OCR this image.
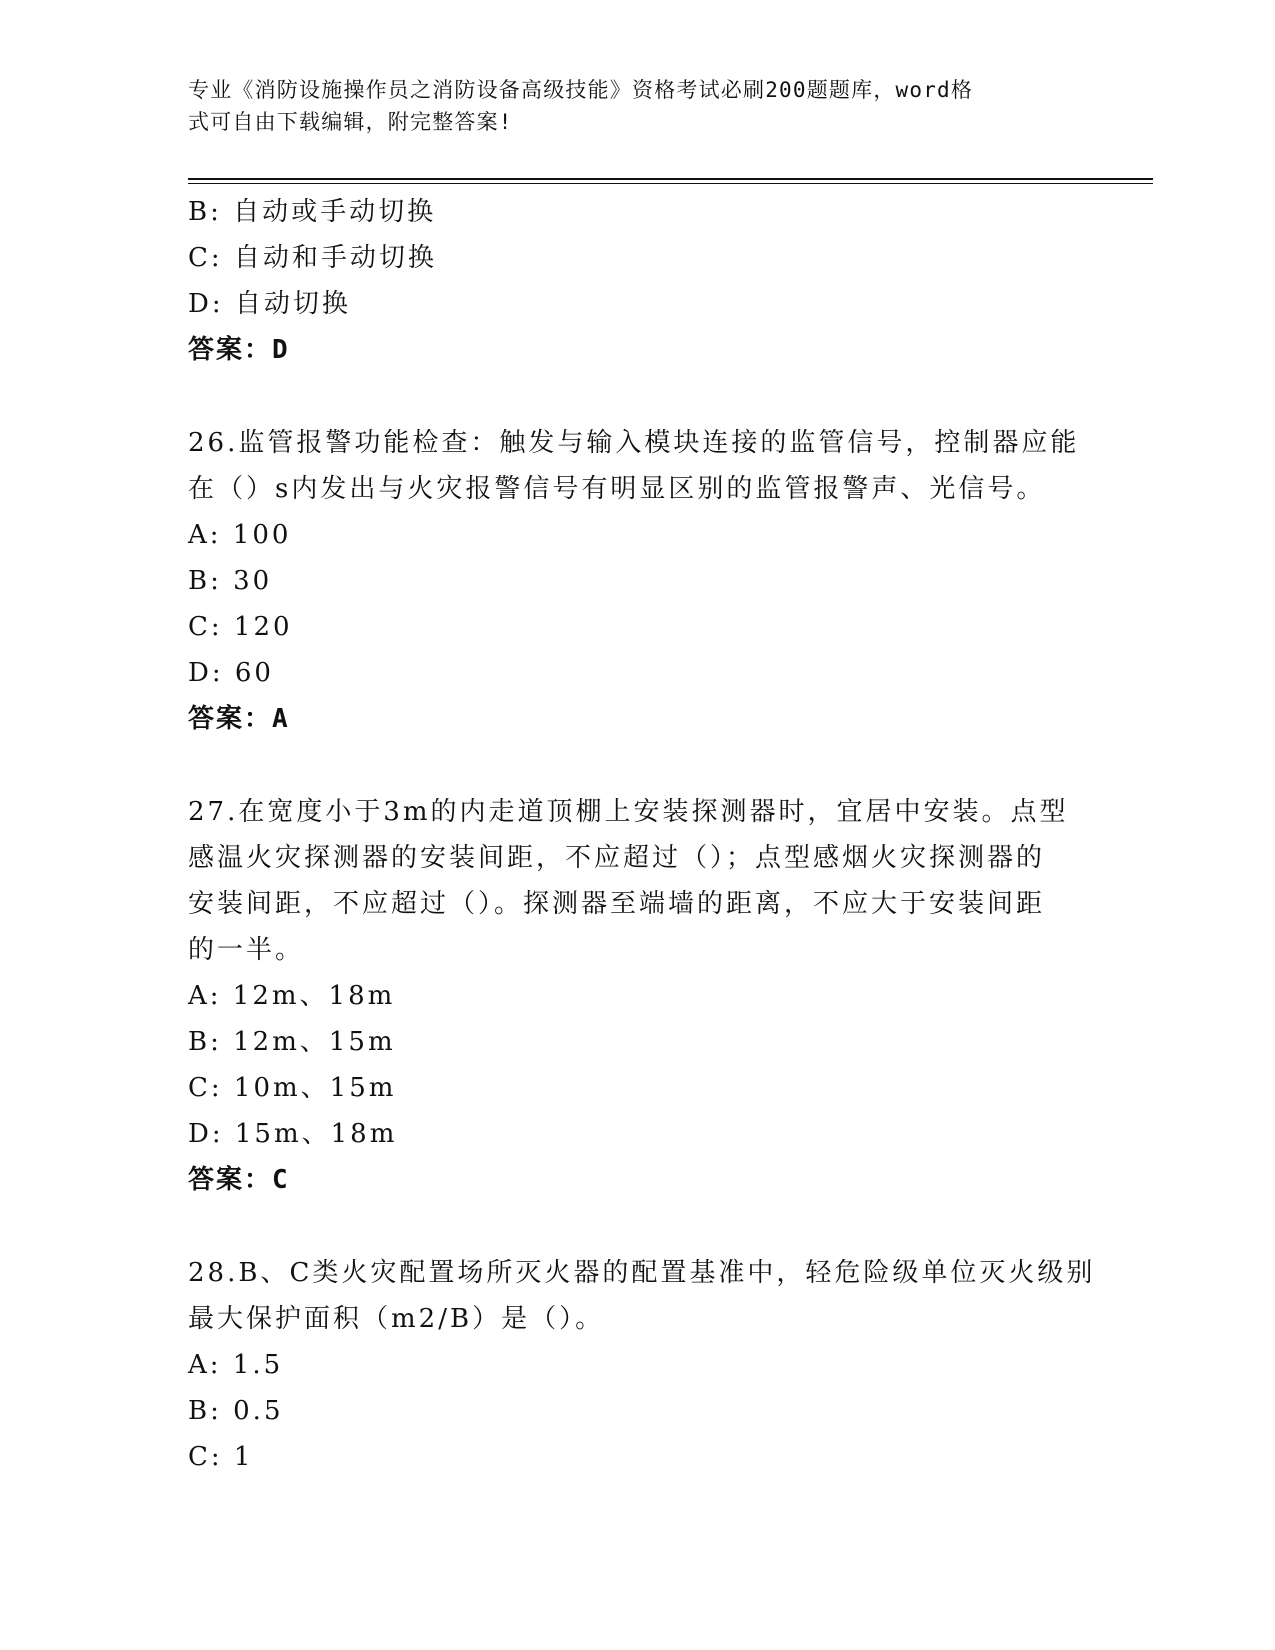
专业《消防设施操作员之消防设备高级技能》资格考试必刷200题题库，word格
式可自由下载编辑，附完整答案!
B: 自动或手动切换
C: 自动和手动切换
D: 自动切换
答案：D
26.监管报警功能检查：触发与输入模块连接的监管信号，控制器应能
在（）s内发出与火灾报警信号有明显区别的监管报警声、光信号。
A: 100
B: 30
C: 120
D: 60
答案：A
27.在宽度小于3m的内走道顶棚上安装探测器时，宜居中安装。点型
感温火灾探测器的安装间距，不应超过（）；点型感烟火灾探测器的
安装间距，不应超过（）。探测器至端墙的距离，不应大于安装间距
的一半。
A: 12m、18m
B: 12m、15m
C: 10m、15m
D: 15m、18m
答案：C
28.B、C类火灾配置场所灭火器的配置基准中，轻危险级单位灭火级别
最大保护面积（m2/B）是（）。
A: 1.5
B: 0.5
C: 1
